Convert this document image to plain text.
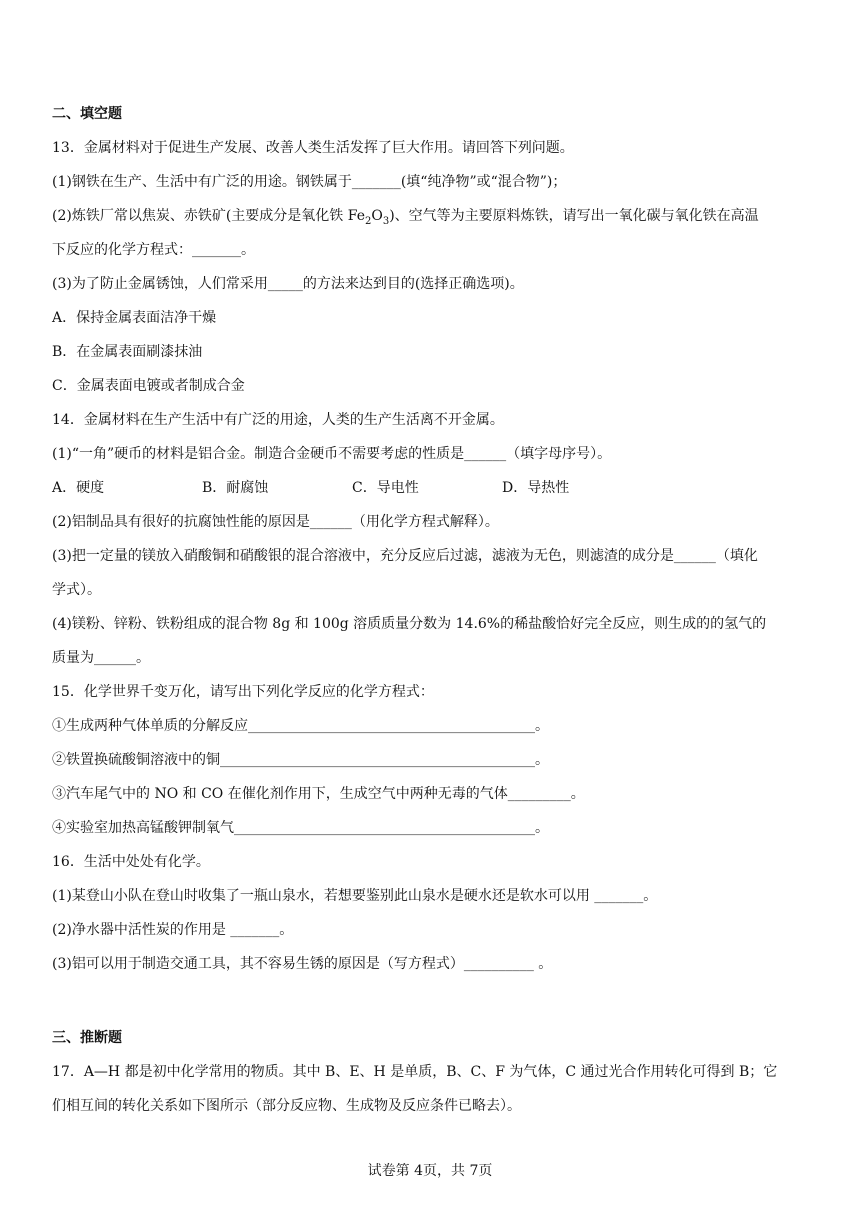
二、填空题
13．金属材料对于促进生产发展、改善人类生活发挥了巨大作用。请回答下列问题。
(1)钢铁在生产、生活中有广泛的用途。钢铁属于_______(填“纯净物”或“混合物”)；
(2)炼铁厂常以焦炭、赤铁矿(主要成分是氧化铁 $Fe_2O_3$)、空气等为主要原料炼铁，请写出一氧化碳与氧化铁在高温
下反应的化学方程式：_______。
(3)为了防止金属锈蚀，人们常采用_____的方法来达到目的(选择正确选项)。
A．保持金属表面洁净干燥
B．在金属表面刷漆抹油
C．金属表面电镀或者制成合金
14．金属材料在生产生活中有广泛的用途，人类的生产生活离不开金属。
(1)“一角”硬币的材料是铝合金。制造合金硬币不需要考虑的性质是______（填字母序号）。
A．硬度	B．耐腐蚀	C．导电性	D．导热性
(2)铝制品具有很好的抗腐蚀性能的原因是______（用化学方程式解释）。
(3)把一定量的镁放入硝酸铜和硝酸银的混合溶液中，充分反应后过滤，滤液为无色，则滤渣的成分是______（填化
学式）。
(4)镁粉、锌粉、铁粉组成的混合物 8g 和 100g 溶质质量分数为 14.6%的稀盐酸恰好完全反应，则生成的的氢气的
质量为______。
15．化学世界千变万化，请写出下列化学反应的化学方程式：
①生成两种气体单质的分解反应_________________________________________。
②铁置换硫酸铜溶液中的铜_____________________________________________。
③汽车尾气中的 NO 和 CO 在催化剂作用下，生成空气中两种无毒的气体_________。
④实验室加热高锰酸钾制氧气___________________________________________。
16．生活中处处有化学。
(1)某登山小队在登山时收集了一瓶山泉水，若想要鉴别此山泉水是硬水还是软水可以用 _______。
(2)净水器中活性炭的作用是 _______。
(3)铝可以用于制造交通工具，其不容易生锈的原因是（写方程式）__________ 。
三、推断题
17．A—H 都是初中化学常用的物质。其中 B、E、H 是单质，B、C、F 为气体，C 通过光合作用转化可得到 B；它
们相互间的转化关系如下图所示（部分反应物、生成物及反应条件已略去）。
试卷第 4页，共 7页
